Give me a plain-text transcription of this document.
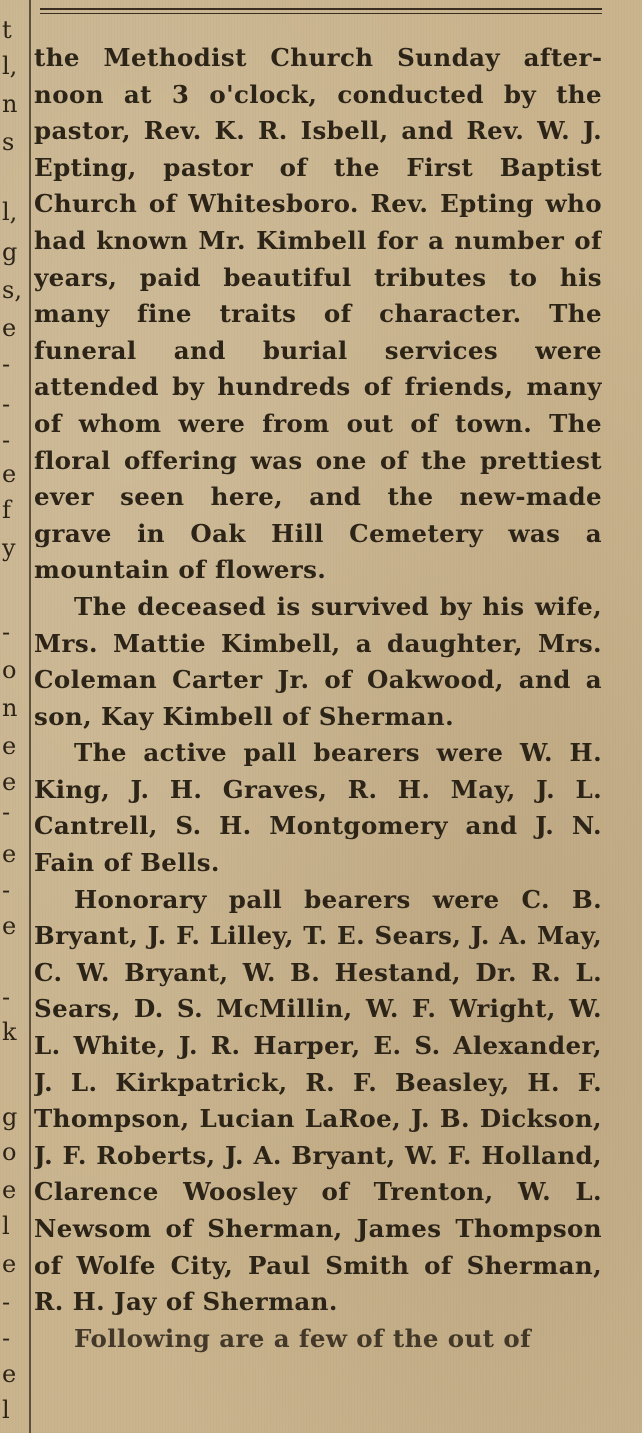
t
l,
n
s
l,
g
s,
e
-
-
-
e
f
y
-
o
n
e
e
-
e
-
e
-
k
g
o
e
l
e
-
-
e
l

the Methodist Church Sunday afternoon at 3 o'clock, conducted by the pastor, Rev. K. R. Isbell, and Rev. W. J. Epting, pastor of the First Baptist Church of Whitesboro. Rev. Epting who had known Mr. Kimbell for a number of years, paid beautiful tributes to his many fine traits of character. The funeral and burial services were attended by hundreds of friends, many of whom were from out of town. The floral offering was one of the prettiest ever seen here, and the new-made grave in Oak Hill Cemetery was a mountain of flowers.

The deceased is survived by his wife, Mrs. Mattie Kimbell, a daughter, Mrs. Coleman Carter Jr. of Oakwood, and a son, Kay Kimbell of Sherman.

The active pall bearers were W. H. King, J. H. Graves, R. H. May, J. L. Cantrell, S. H. Montgomery and J. N. Fain of Bells.

Honorary pall bearers were C. B. Bryant, J. F. Lilley, T. E. Sears, J. A. May, C. W. Bryant, W. B. Hestand, Dr. R. L. Sears, D. S. McMillin, W. F. Wright, W. L. White, J. R. Harper, E. S. Alexander, J. L. Kirkpatrick, R. F. Beasley, H. F. Thompson, Lucian LaRoe, J. B. Dickson, J. F. Roberts, J. A. Bryant, W. F. Holland, Clarence Woosley of Trenton, W. L. Newsom of Sherman, James Thompson of Wolfe City, Paul Smith of Sherman, R. H. Jay of Sherman.

Following are a few of the out of
